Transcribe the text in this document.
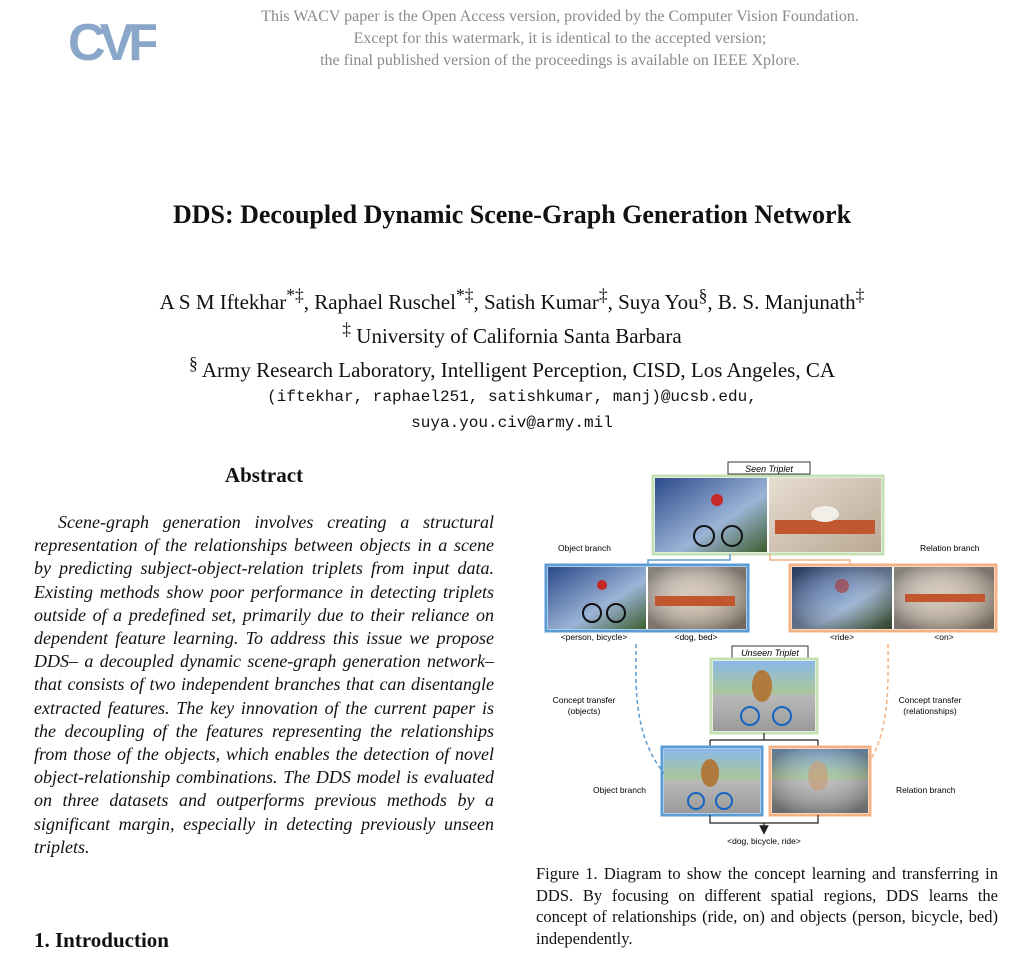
CVF	This WACV paper is the Open Access version, provided by the Computer Vision Foundation.
Except for this watermark, it is identical to the accepted version;
the final published version of the proceedings is available on IEEE Xplore.
DDS: Decoupled Dynamic Scene-Graph Generation Network
A S M Iftekhar*‡, Raphael Ruschel*‡, Satish Kumar‡, Suya You§, B. S. Manjunath‡
‡ University of California Santa Barbara
§ Army Research Laboratory, Intelligent Perception, CISD, Los Angeles, CA
(iftekhar, raphael251, satishkumar, manj)@ucsb.edu,
suya.you.civ@army.mil
Abstract
Scene-graph generation involves creating a structural representation of the relationships between objects in a scene by predicting subject-object-relation triplets from input data. Existing methods show poor performance in detecting triplets outside of a predefined set, primarily due to their reliance on dependent feature learning. To address this issue we propose DDS– a decoupled dynamic scene-graph generation network– that consists of two independent branches that can disentangle extracted features. The key innovation of the current paper is the decoupling of the features representing the relationships from those of the objects, which enables the detection of novel object-relationship combinations. The DDS model is evaluated on three datasets and outperforms previous methods by a significant margin, especially in detecting previously unseen triplets.
Seen Triplet
Object branch	Relation branch
<person, bicycle>	<dog, bed>	<ride>	<on>
Unseen Triplet
Concept transfer
(objects)
Concept transfer
(relationships)
Object branch	Relation branch
<dog, bicycle, ride>
Figure 1. Diagram to show the concept learning and transferring in DDS. By focusing on different spatial regions, DDS learns the concept of relationships (ride, on) and objects (person, bicycle, bed) independently.
1. Introduction
